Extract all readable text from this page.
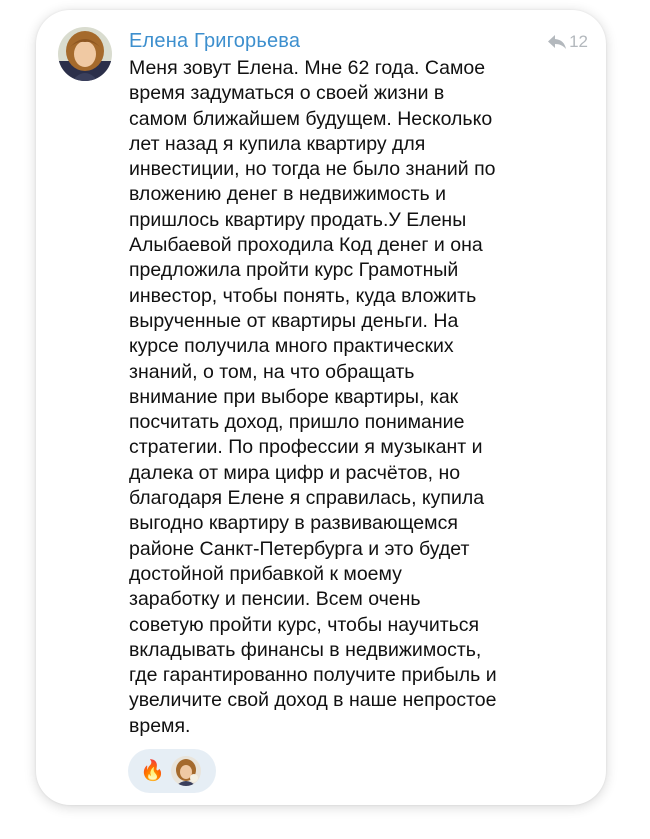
Елена Григорьева	12

Меня зовут Елена. Мне 62 года. Самое
время задуматься о своей жизни в
самом ближайшем будущем. Несколько
лет назад я купила квартиру для
инвестиции, но тогда не было знаний по
вложению денег в недвижимость и
пришлось квартиру продать.У Елены
Алыбаевой проходила Код денег и она
предложила пройти курс Грамотный
инвестор, чтобы понять, куда вложить
вырученные от квартиры деньги. На
курсе получила много практических
знаний, о том, на что обращать
внимание при выборе квартиры, как
посчитать доход, пришло понимание
стратегии. По профессии я музыкант и
далека от мира цифр и расчётов, но
благодаря Елене я справилась, купила
выгодно квартиру в развивающемся
районе Санкт-Петербурга и это будет
достойной прибавкой к моему
заработку и пенсии. Всем очень
советую пройти курс, чтобы научиться
вкладывать финансы в недвижимость,
где гарантированно получите прибыль и
увеличите свой доход в наше непростое
время.

🔥
